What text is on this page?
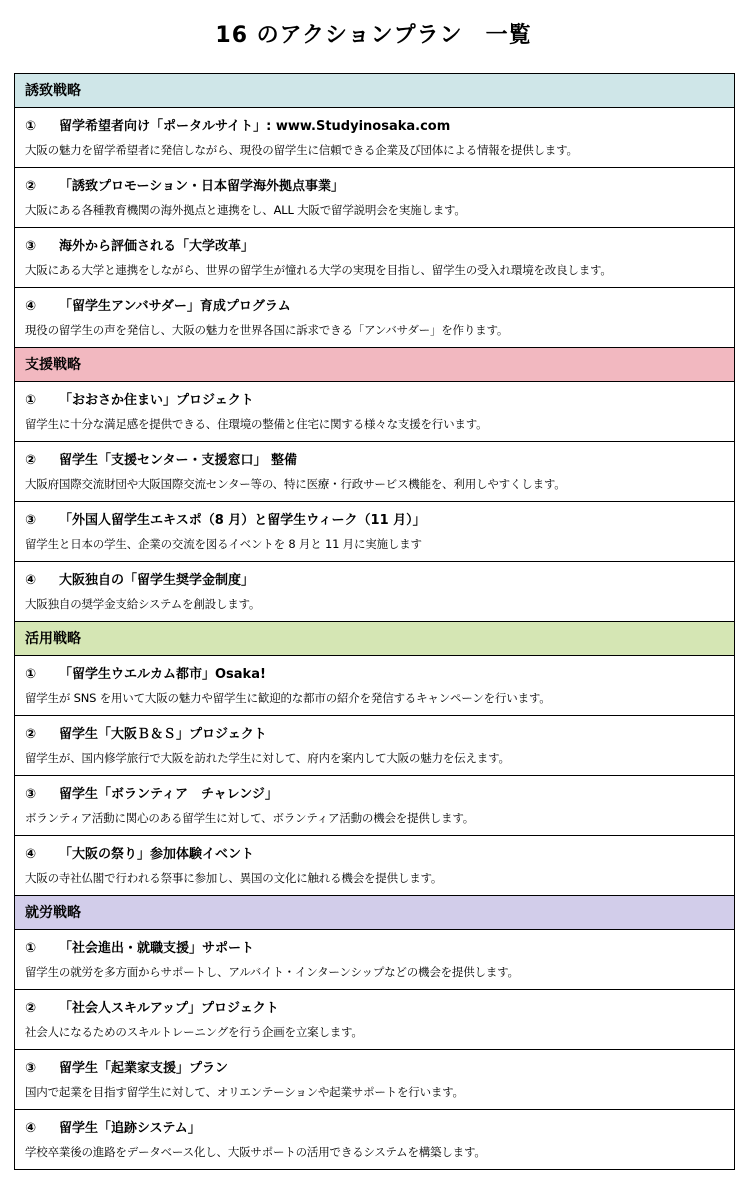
16 のアクションプラン　一覧
誘致戦略
① 留学希望者向け「ポータルサイト」: www.Studyinosaka.com
大阪の魅力を留学希望者に発信しながら、現役の留学生に信頼できる企業及び団体による情報を提供します。
② 「誘致プロモーション・日本留学海外拠点事業」
大阪にある各種教育機関の海外拠点と連携をし、ALL 大阪で留学説明会を実施します。
③ 海外から評価される「大学改革」
大阪にある大学と連携をしながら、世界の留学生が憧れる大学の実現を目指し、留学生の受入れ環境を改良します。
④ 「留学生アンバサダー」育成プログラム
現役の留学生の声を発信し、大阪の魅力を世界各国に訴求できる「アンバサダー」を作ります。
支援戦略
① 「おおさか住まい」プロジェクト
留学生に十分な満足感を提供できる、住環境の整備と住宅に関する様々な支援を行います。
② 留学生「支援センター・支援窓口」 整備
大阪府国際交流財団や大阪国際交流センター等の、特に医療・行政サービス機能を、利用しやすくします。
③ 「外国人留学生エキスポ（8 月）と留学生ウィーク（11 月）」
留学生と日本の学生、企業の交流を図るイベントを 8 月と 11 月に実施します
④ 大阪独自の「留学生奨学金制度」
大阪独自の奨学金支給システムを創設します。
活用戦略
① 「留学生ウエルカム都市」Osaka!
留学生が SNS を用いて大阪の魅力や留学生に歓迎的な都市の紹介を発信するキャンペーンを行います。
② 留学生「大阪Ｂ＆Ｓ」プロジェクト
留学生が、国内修学旅行で大阪を訪れた学生に対して、府内を案内して大阪の魅力を伝えます。
③ 留学生「ボランティア　チャレンジ」
ボランティア活動に関心のある留学生に対して、ボランティア活動の機会を提供します。
④ 「大阪の祭り」参加体験イベント
大阪の寺社仏閣で行われる祭事に参加し、異国の文化に触れる機会を提供します。
就労戦略
① 「社会進出・就職支援」サポート
留学生の就労を多方面からサポートし、アルバイト・インターンシップなどの機会を提供します。
② 「社会人スキルアップ」プロジェクト
社会人になるためのスキルトレーニングを行う企画を立案します。
③ 留学生「起業家支援」プラン
国内で起業を目指す留学生に対して、オリエンテーションや起業サポートを行います。
④ 留学生「追跡システム」
学校卒業後の進路をデータベース化し、大阪サポートの活用できるシステムを構築します。
